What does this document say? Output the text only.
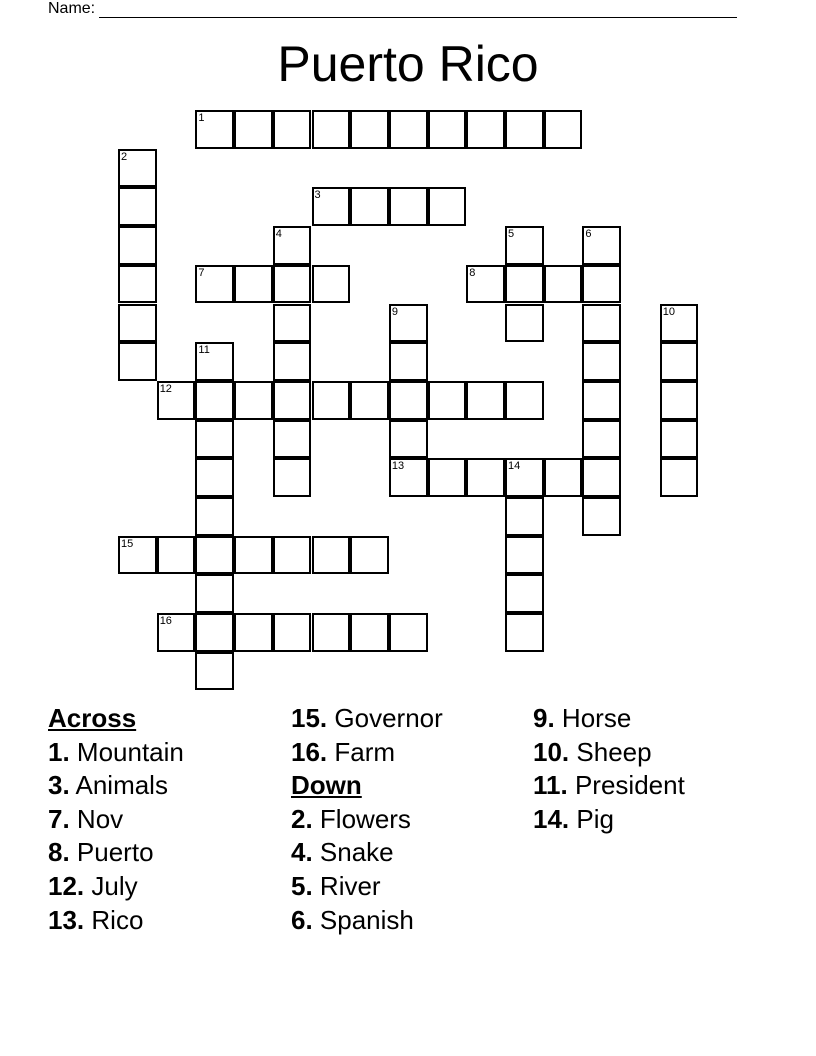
Name:
Puerto Rico
1
2
3
4	5	6
7	8
9	10
11
12
13	14
15
16
Across
1. Mountain
3. Animals
7. Nov
8. Puerto
12. July
13. Rico
15. Governor
16. Farm
Down
2. Flowers
4. Snake
5. River
6. Spanish
9. Horse
10. Sheep
11. President
14. Pig
